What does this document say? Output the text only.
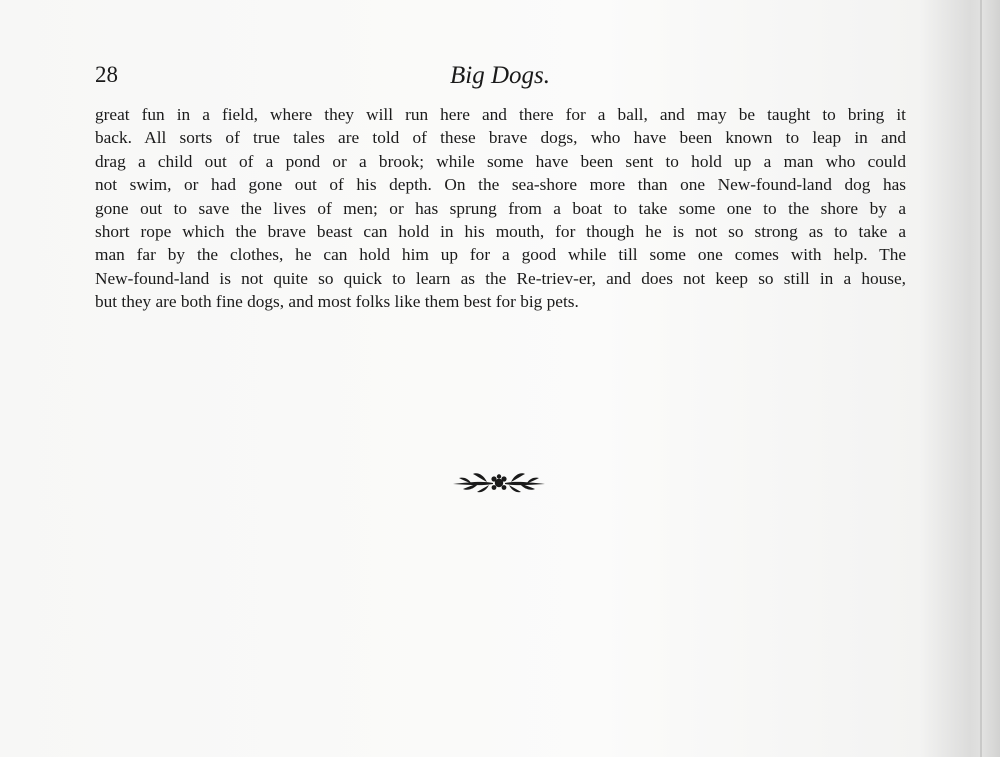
28	Big Dogs.
great fun in a field, where they will run here and there for a ball, and may be taught to bring it
back. All sorts of true tales are told of these brave dogs, who have been known to leap in and
drag a child out of a pond or a brook; while some have been sent to hold up a man who could
not swim, or had gone out of his depth. On the sea-shore more than one New-found-land dog has
gone out to save the lives of men; or has sprung from a boat to take some one to the shore by a
short rope which the brave beast can hold in his mouth, for though he is not so strong as to take a
man far by the clothes, he can hold him up for a good while till some one comes with help. The
New-found-land is not quite so quick to learn as the Re-triev-er, and does not keep so still in a house,
but they are both fine dogs, and most folks like them best for big pets.
